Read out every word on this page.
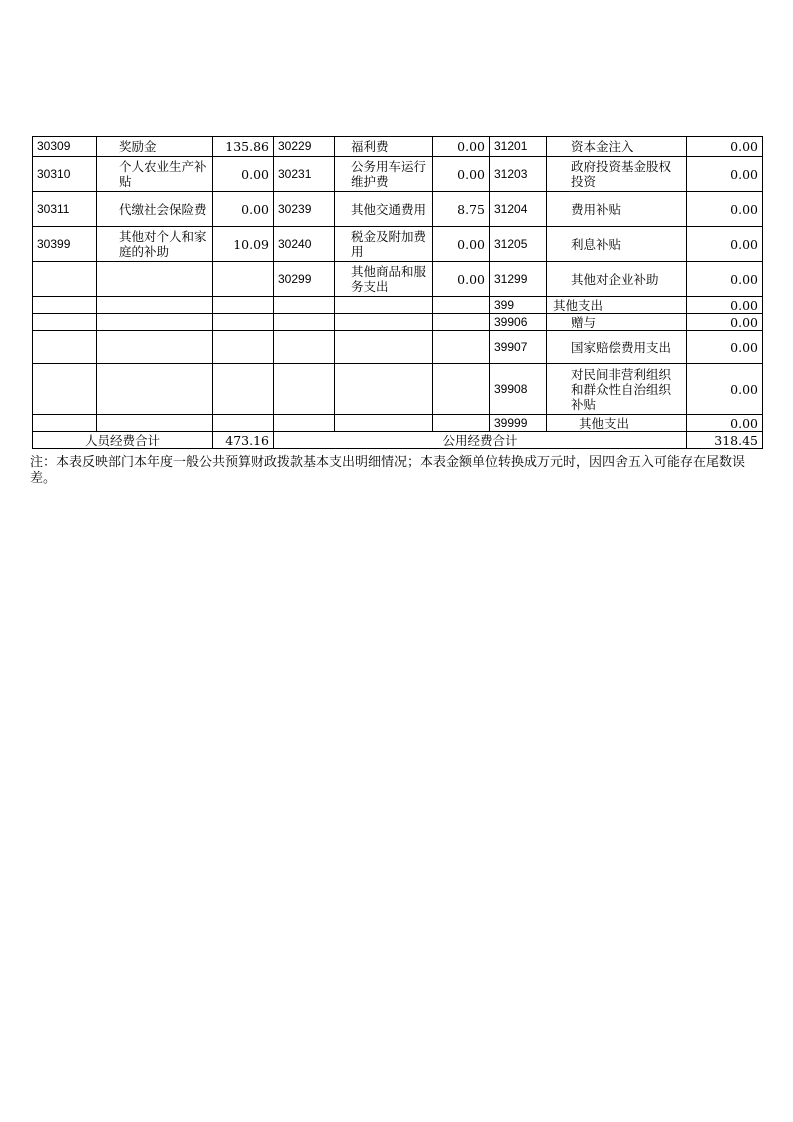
30309	奖励金	135.86	30229	福利费	0.00	31201	资本金注入	0.00
30310	个人农业生产补贴	0.00	30231	公务用车运行维护费	0.00	31203	政府投资基金股权投资	0.00
30311	代缴社会保险费	0.00	30239	其他交通费用	8.75	31204	费用补贴	0.00
30399	其他对个人和家庭的补助	10.09	30240	税金及附加费用	0.00	31205	利息补贴	0.00
			30299	其他商品和服务支出	0.00	31299	其他对企业补助	0.00
						399	其他支出	0.00
						39906	赠与	0.00
						39907	国家赔偿费用支出	0.00
						39908	对民间非营利组织和群众性自治组织补贴	0.00
						39999	其他支出	0.00
人员经费合计		473.16	公用经费合计					318.45
注：本表反映部门本年度一般公共预算财政拨款基本支出明细情况；本表金额单位转换成万元时，因四舍五入可能存在尾数误差。
